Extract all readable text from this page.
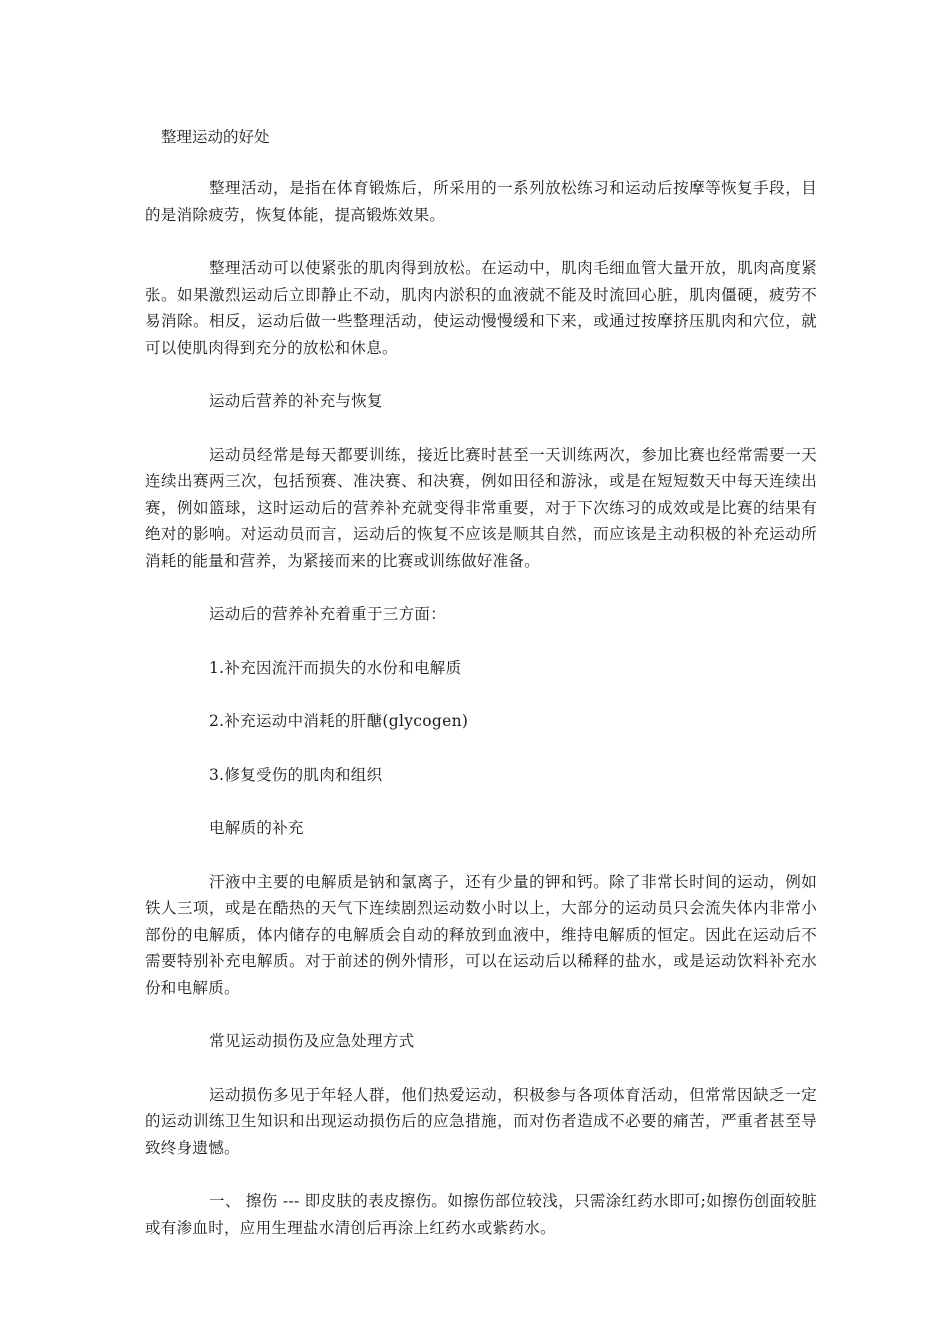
整理运动的好处

整理活动，是指在体育锻炼后，所采用的一系列放松练习和运动后按摩等恢复手段，目的是消除疲劳，恢复体能，提高锻炼效果。

整理活动可以使紧张的肌肉得到放松。在运动中，肌肉毛细血管大量开放，肌肉高度紧张。如果激烈运动后立即静止不动，肌肉内淤积的血液就不能及时流回心脏，肌肉僵硬，疲劳不易消除。相反，运动后做一些整理活动，使运动慢慢缓和下来，或通过按摩挤压肌肉和穴位，就可以使肌肉得到充分的放松和休息。

运动后营养的补充与恢复

运动员经常是每天都要训练，接近比赛时甚至一天训练两次，参加比赛也经常需要一天连续出赛两三次，包括预赛、准决赛、和决赛，例如田径和游泳，或是在短短数天中每天连续出赛，例如篮球，这时运动后的营养补充就变得非常重要，对于下次练习的成效或是比赛的结果有绝对的影响。对运动员而言，运动后的恢复不应该是顺其自然，而应该是主动积极的补充运动所消耗的能量和营养，为紧接而来的比赛或训练做好准备。

运动后的营养补充着重于三方面：

1.补充因流汗而损失的水份和电解质

2.补充运动中消耗的肝醣(glycogen)

3.修复受伤的肌肉和组织

电解质的补充

汗液中主要的电解质是钠和氯离子，还有少量的钾和钙。除了非常长时间的运动，例如铁人三项，或是在酷热的天气下连续剧烈运动数小时以上，大部分的运动员只会流失体内非常小部份的电解质，体内储存的电解质会自动的释放到血液中，维持电解质的恒定。因此在运动后不需要特别补充电解质。对于前述的例外情形，可以在运动后以稀释的盐水，或是运动饮料补充水份和电解质。

常见运动损伤及应急处理方式

运动损伤多见于年轻人群，他们热爱运动，积极参与各项体育活动，但常常因缺乏一定的运动训练卫生知识和出现运动损伤后的应急措施，而对伤者造成不必要的痛苦，严重者甚至导致终身遗憾。

一、 擦伤 --- 即皮肤的表皮擦伤。如擦伤部位较浅，只需涂红药水即可;如擦伤创面较脏或有渗血时，应用生理盐水清创后再涂上红药水或紫药水。
